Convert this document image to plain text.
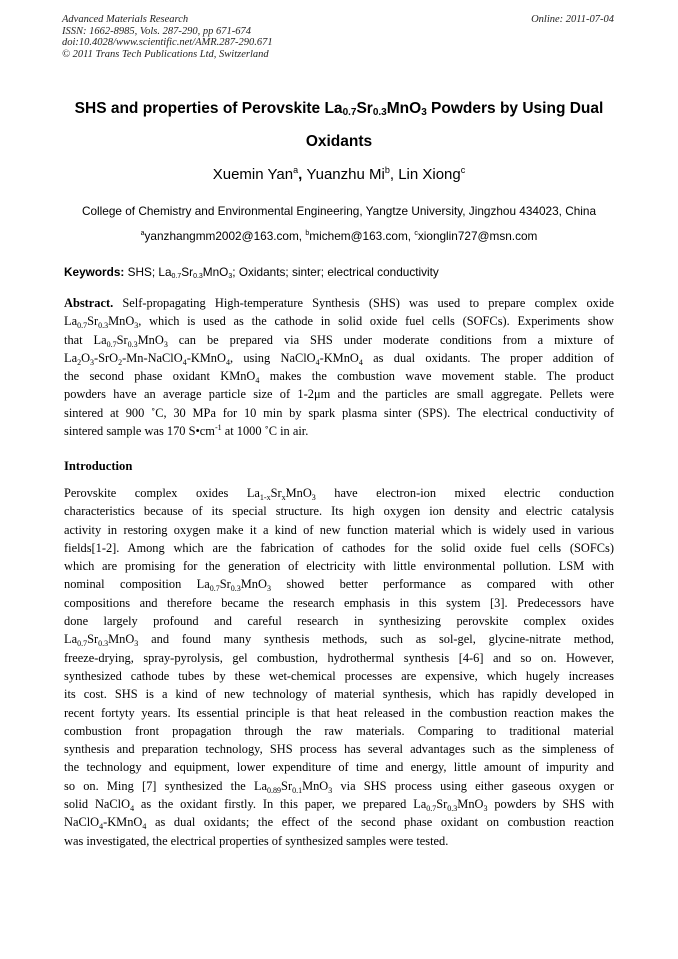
Advanced Materials Research
ISSN: 1662-8985, Vols. 287-290, pp 671-674
doi:10.4028/www.scientific.net/AMR.287-290.671
© 2011 Trans Tech Publications Ltd, Switzerland
Online: 2011-07-04
SHS and properties of Perovskite $La_{0.7}Sr_{0.3}MnO_3$ Powders by Using Dual
Oxidants
Xuemin Yan$^a$, Yuanzhu Mi$^b$, Lin Xiong$^c$
College of Chemistry and Environmental Engineering, Yangtze University, Jingzhou 434023, China
$^a$yanzhangmm2002@163.com, $^b$michem@163.com, $^c$xionglin727@msn.com
Keywords: SHS; $La_{0.7}Sr_{0.3}MnO_3$; Oxidants; sinter; electrical conductivity
Abstract. Self-propagating High-temperature Synthesis (SHS) was used to prepare complex oxide
$La_{0.7}Sr_{0.3}MnO_3$, which is used as the cathode in solid oxide fuel cells (SOFCs). Experiments show
that $La_{0.7}Sr_{0.3}MnO_3$ can be prepared via SHS under moderate conditions from a mixture of
$La_2O_3-SrO_2-Mn-NaClO_4-KMnO_4$, using NaClO$_4$-KMnO$_4$ as dual oxidants. The proper addition of
the second phase oxidant KMnO$_4$ makes the combustion wave movement stable. The product
powders have an average particle size of 1-2μm and the particles are small aggregate. Pellets were
sintered at 900 ˚C, 30 MPa for 10 min by spark plasma sinter (SPS). The electrical conductivity of
sintered sample was 170 $S•cm^{-1}$ at 1000 ˚C in air.
Introduction
Perovskite complex oxides $La_{1-x}Sr_xMnO_3$ have electron-ion mixed electric conduction
characteristics because of its special structure. Its high oxygen ion density and electric catalysis
activity in restoring oxygen make it a kind of new function material which is widely used in various
fields[1-2]. Among which are the fabrication of cathodes for the solid oxide fuel cells (SOFCs)
which are promising for the generation of electricity with little environmental pollution. LSM with
nominal composition $La_{0.7}Sr_{0.3}MnO_3$ showed better performance as compared with other
compositions and therefore became the research emphasis in this system [3]. Predecessors have
done largely profound and careful research in synthesizing perovskite complex oxides
$La_{0.7}Sr_{0.3}MnO_3$ and found many synthesis methods, such as sol-gel, glycine-nitrate method,
freeze-drying, spray-pyrolysis, gel combustion, hydrothermal synthesis [4-6] and so on. However,
synthesized cathode tubes by these wet-chemical processes are expensive, which hugely increases
its cost. SHS is a kind of new technology of material synthesis, which has rapidly developed in
recent fortyty years. Its essential principle is that heat released in the combustion reaction makes the
combustion front propagation through the raw materials. Comparing to traditional material
synthesis and preparation technology, SHS process has several advantages such as the simpleness of
the technology and equipment, lower expenditure of time and energy, little amount of impurity and
so on. Ming [7] synthesized the $La_{0.89}Sr_{0.1}MnO_3$ via SHS process using either gaseous oxygen or
solid NaClO$_4$ as the oxidant firstly. In this paper, we prepared $La_{0.7}Sr_{0.3}MnO_3$ powders by SHS with
NaClO$_4$-KMnO$_4$ as dual oxidants; the effect of the second phase oxidant on combustion reaction
was investigated, the electrical properties of synthesized samples were tested.
